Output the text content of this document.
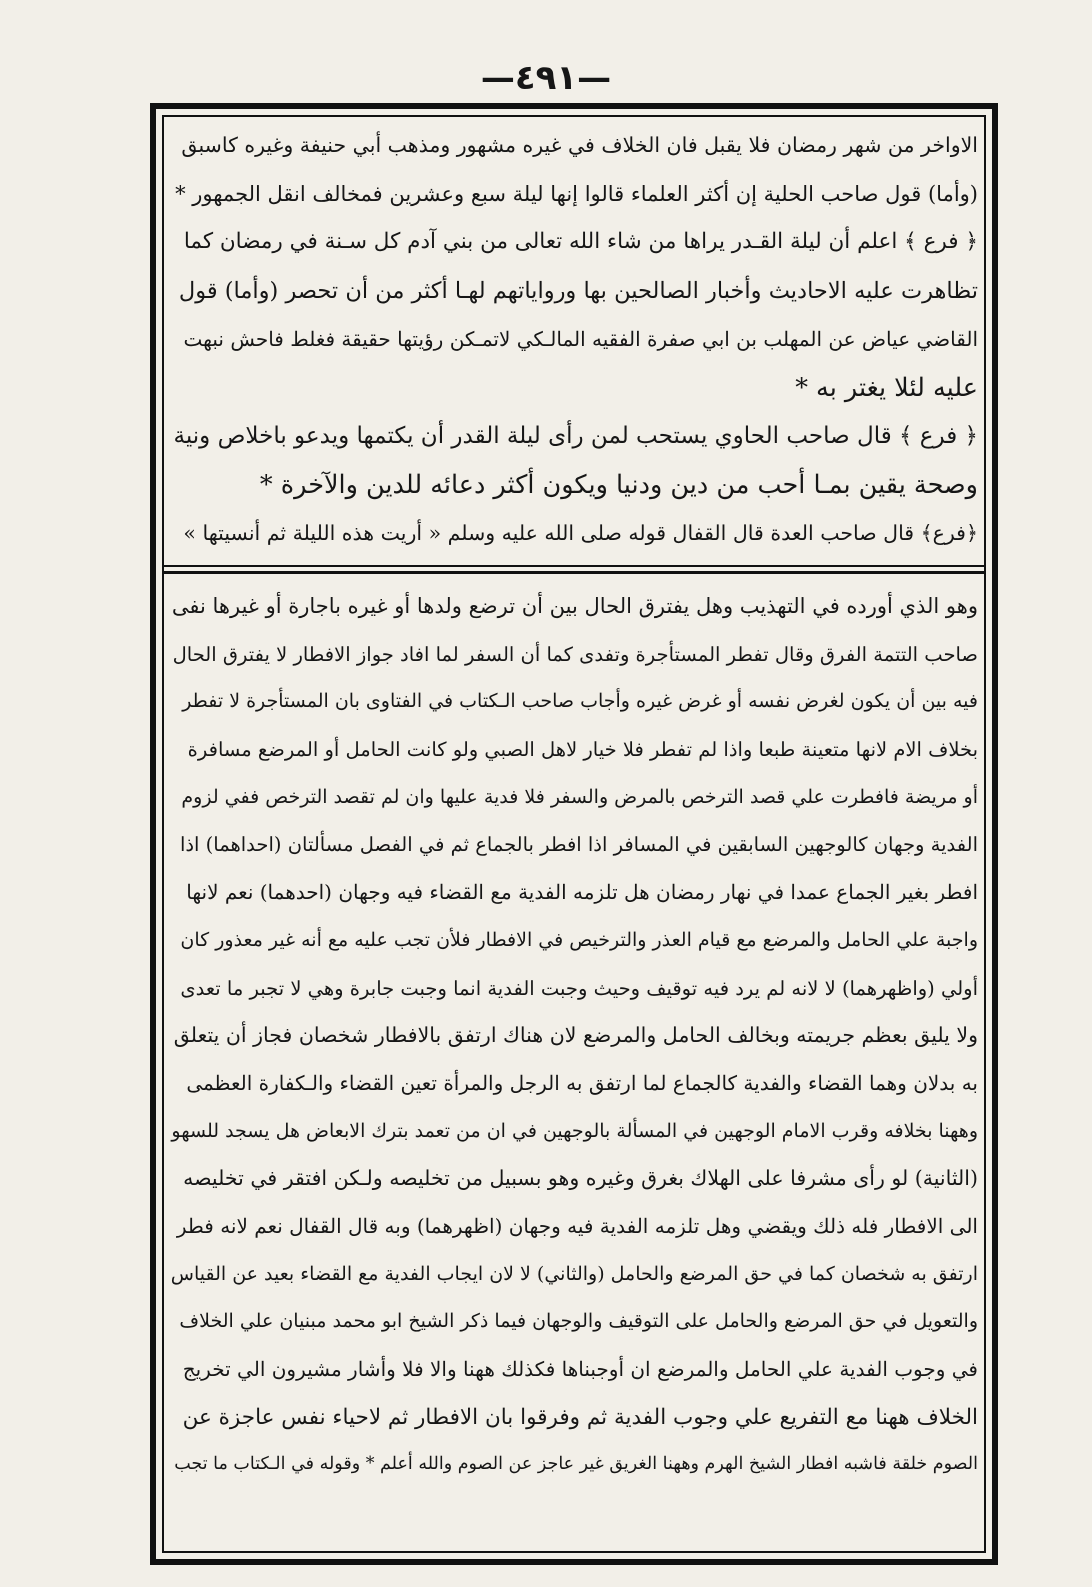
—٤٩١—
الاواخر من شهر رمضان فلا يقبل فان الخلاف في غيره مشهور ومذهب أبي حنيفة وغيره كاسبق
(وأما) قول صاحب الحلية إن أكثر العلماء قالوا إنها ليلة سبع وعشرين فمخالف انقل الجمهور *
﴿ فرع ﴾ اعلم أن ليلة القـدر يراها من شاء الله تعالى من بني آدم كل سـنة في رمضان كما
تظاهرت عليه الاحاديث وأخبار الصالحين بها ورواياتهم لهـا أكثر من أن تحصر (وأما) قول
القاضي عياض عن المهلب بن ابي صفرة الفقيه المالـكي لاتمـكن رؤيتها حقيقة فغلط فاحش نبهت
عليه لئلا يغتر به *
﴿ فرع ﴾ قال صاحب الحاوي يستحب لمن رأى ليلة القدر أن يكتمها ويدعو باخلاص ونية
وصحة يقين بمـا أحب من دين ودنيا ويكون أكثر دعائه للدين والآخرة *
﴿فرع﴾ قال صاحب العدة قال القفال قوله صلى الله عليه وسلم « أريت هذه الليلة ثم أنسيتها »
وهو الذي أورده في التهذيب وهل يفترق الحال بين أن ترضع ولدها أو غيره باجارة أو غيرها نفى
صاحب التتمة الفرق وقال تفطر المستأجرة وتفدى كما أن السفر لما افاد جواز الافطار لا يفترق الحال
فيه بين أن يكون لغرض نفسه أو غرض غيره وأجاب صاحب الـكتاب في الفتاوى بان المستأجرة لا تفطر
بخلاف الام لانها متعينة طبعا واذا لم تفطر فلا خيار لاهل الصبي ولو كانت الحامل أو المرضع مسافرة
أو مريضة فافطرت علي قصد الترخص بالمرض والسفر فلا فدية عليها وان لم تقصد الترخص ففي لزوم
الفدية وجهان كالوجهين السابقين في المسافر اذا افطر بالجماع ثم في الفصل مسألتان (احداهما) اذا
افطر بغير الجماع عمدا في نهار رمضان هل تلزمه الفدية مع القضاء فيه وجهان (احدهما) نعم لانها
واجبة علي الحامل والمرضع مع قيام العذر والترخيص في الافطار فلأن تجب عليه مع أنه غير معذور كان
أولي (واظهرهما) لا لانه لم يرد فيه توقيف وحيث وجبت الفدية انما وجبت جابرة وهي لا تجبر ما تعدى
ولا يليق بعظم جريمته وبخالف الحامل والمرضع لان هناك ارتفق بالافطار شخصان فجاز أن يتعلق
به بدلان وهما القضاء والفدية كالجماع لما ارتفق به الرجل والمرأة تعين القضاء والـكفارة العظمى
وههنا بخلافه وقرب الامام الوجهين في المسألة بالوجهين في ان من تعمد بترك الابعاض هل يسجد للسهو
(الثانية) لو رأى مشرفا على الهلاك بغرق وغيره وهو بسبيل من تخليصه ولـكن افتقر في تخليصه
الى الافطار فله ذلك ويقضي وهل تلزمه الفدية فيه وجهان (اظهرهما) وبه قال القفال نعم لانه فطر
ارتفق به شخصان كما في حق المرضع والحامل (والثاني) لا لان ايجاب الفدية مع القضاء بعيد عن القياس
والتعويل في حق المرضع والحامل على التوقيف والوجهان فيما ذكر الشيخ ابو محمد مبنيان علي الخلاف
في وجوب الفدية علي الحامل والمرضع ان أوجبناها فكذلك ههنا والا فلا وأشار مشيرون الي تخريج
الخلاف ههنا مع التفريع علي وجوب الفدية ثم وفرقوا بان الافطار ثم لاحياء نفس عاجزة عن
الصوم خلقة فاشبه افطار الشيخ الهرم وههنا الغريق غير عاجز عن الصوم والله أعلم * وقوله في الـكتاب ما تجب
